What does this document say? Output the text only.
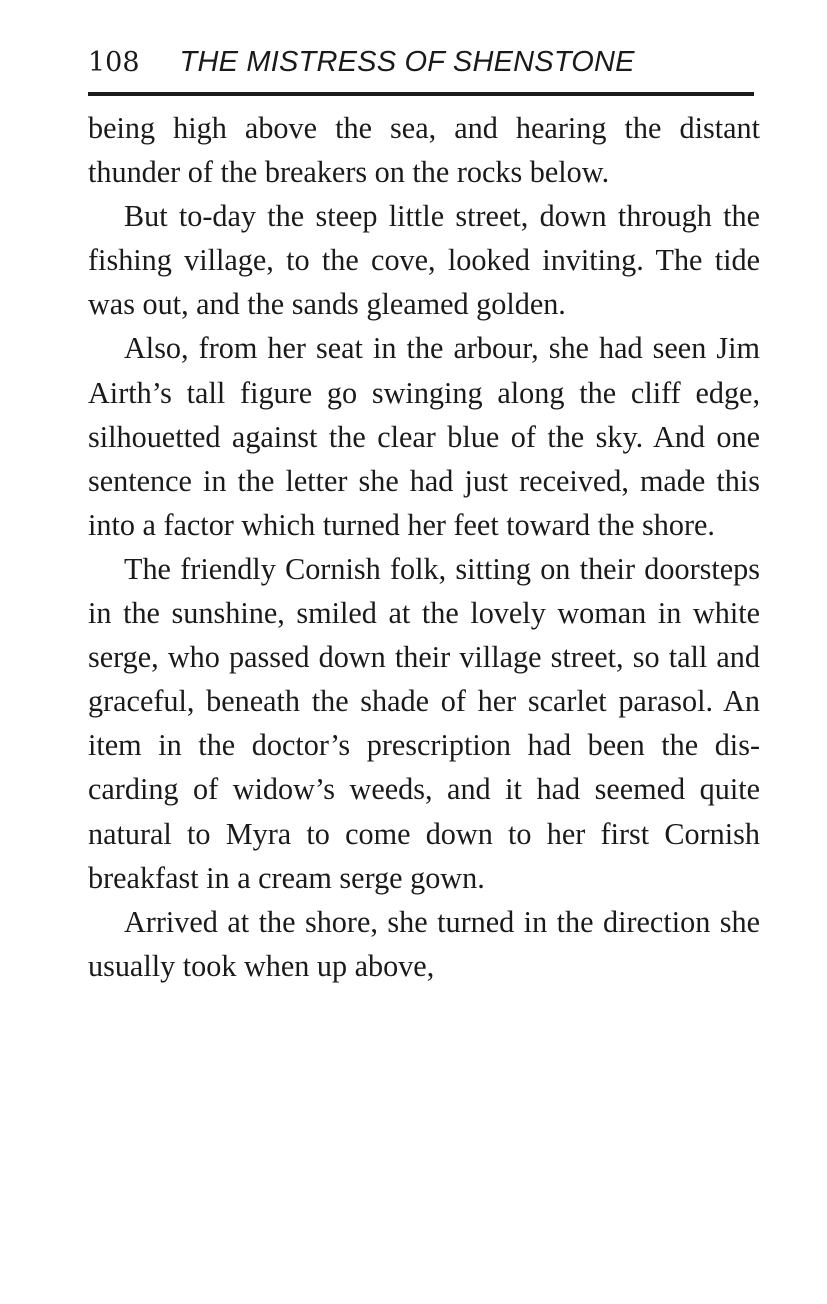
108 THE MISTRESS OF SHENSTONE

being high above the sea, and hearing the distant thunder of the breakers on the rocks below.

But to-day the steep little street, down through the fishing village, to the cove, looked inviting. The tide was out, and the sands gleamed golden.

Also, from her seat in the arbour, she had seen Jim Airth’s tall figure go swinging along the cliff edge, silhouetted against the clear blue of the sky. And one sentence in the letter she had just received, made this into a factor which turned her feet toward the shore.

The friendly Cornish folk, sitting on their doorsteps in the sunshine, smiled at the lovely woman in white serge, who passed down their village street, so tall and graceful, beneath the shade of her scarlet parasol. An item in the doctor’s prescription had been the dis-carding of widow’s weeds, and it had seemed quite natural to Myra to come down to her first Cornish breakfast in a cream serge gown.

Arrived at the shore, she turned in the direction she usually took when up above,
